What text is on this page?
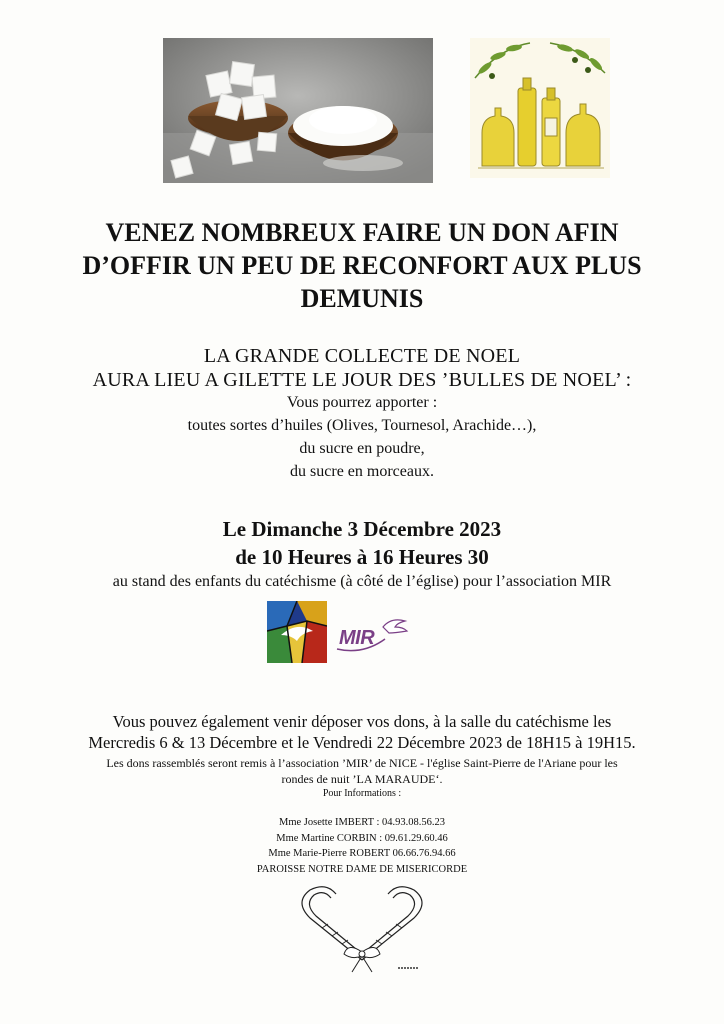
VENEZ NOMBREUX FAIRE UN DON AFIN
D’OFFIR UN PEU DE RECONFORT AUX PLUS
DEMUNIS
LA GRANDE COLLECTE DE NOEL
AURA LIEU A GILETTE LE JOUR DES ’BULLES DE NOEL’ :
Vous pourrez apporter :
toutes sortes d’huiles (Olives, Tournesol, Arachide…),
du sucre en poudre,
du sucre en morceaux.
Le Dimanche 3 Décembre 2023
de 10 Heures à 16 Heures 30
au stand des enfants du catéchisme (à côté de l’église) pour l’association MIR
MIR
Vous pouvez également venir déposer vos dons, à la salle du catéchisme les
Mercredis 6 & 13 Décembre et le Vendredi 22 Décembre 2023 de 18H15 à 19H15.
Les dons rassemblés seront remis à l’association ’MIR’ de NICE - l'église Saint-Pierre de l'Ariane pour les
rondes de nuit ’LA MARAUDE‘.
Pour Informations :
Mme Josette IMBERT : 04.93.08.56.23
Mme Martine CORBIN : 09.61.29.60.46
Mme Marie-Pierre ROBERT 06.66.76.94.66
PAROISSE NOTRE DAME DE MISERICORDE
